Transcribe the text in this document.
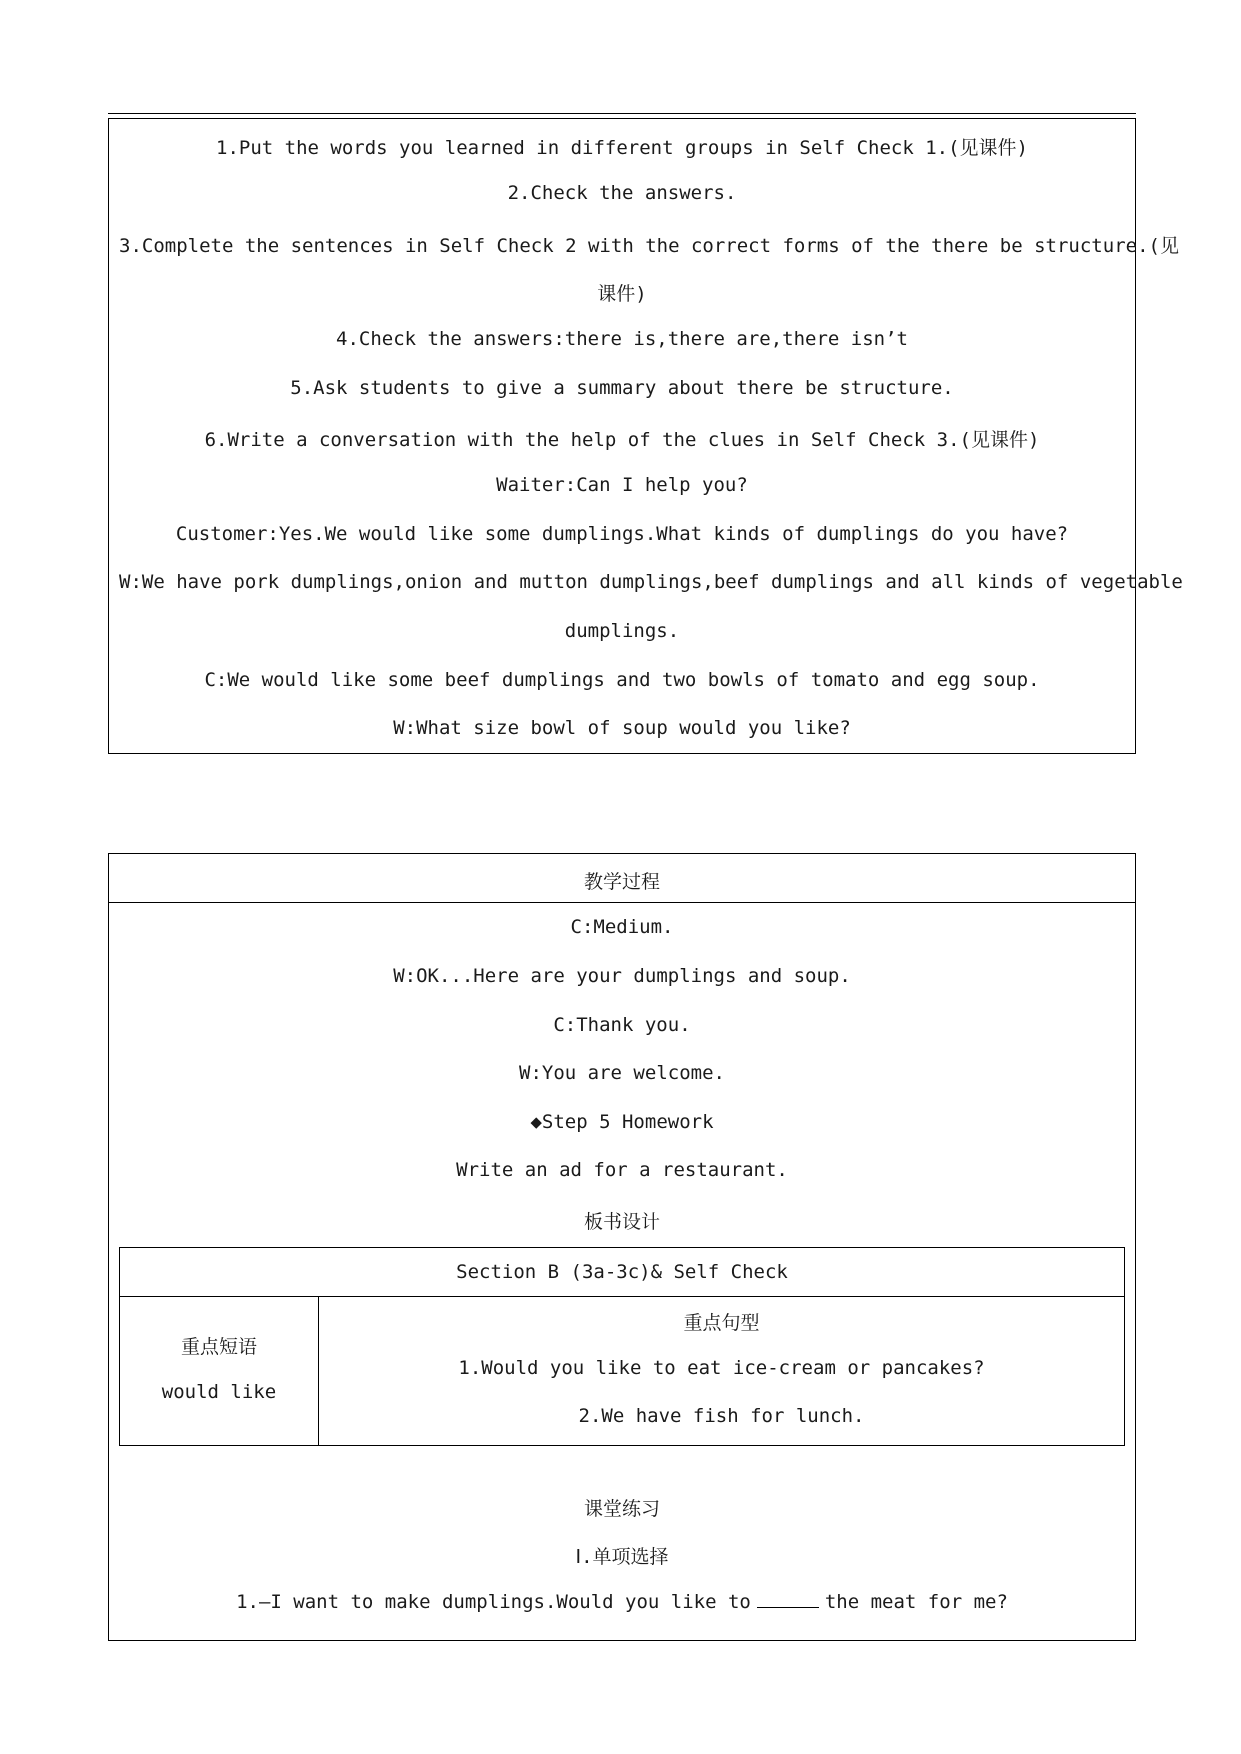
1.Put the words you learned in different groups in Self Check 1.(见课件)
2.Check the answers.
3.Complete the sentences in Self Check 2 with the correct forms of the there be structure.(见
课件)
4.Check the answers:there is,there are,there isn’t
5.Ask students to give a summary about there be structure.
6.Write a conversation with the help of the clues in Self Check 3.(见课件)
Waiter:Can I help you?
Customer:Yes.We would like some dumplings.What kinds of dumplings do you have?
W:We have pork dumplings,onion and mutton dumplings,beef dumplings and all kinds of vegetable
dumplings.
C:We would like some beef dumplings and two bowls of tomato and egg soup.
W:What size bowl of soup would you like?
教学过程
C:Medium.
W:OK...Here are your dumplings and soup.
C:Thank you.
W:You are welcome.
◆Step 5 Homework
Write an ad for a restaurant.
板书设计
Section B (3a-3c)& Self Check
重点短语
would like
重点句型
1.Would you like to eat ice-cream or pancakes?
2.We have fish for lunch.
课堂练习
Ⅰ.单项选择
1.—I want to make dumplings.Would you like to	the meat for me?
